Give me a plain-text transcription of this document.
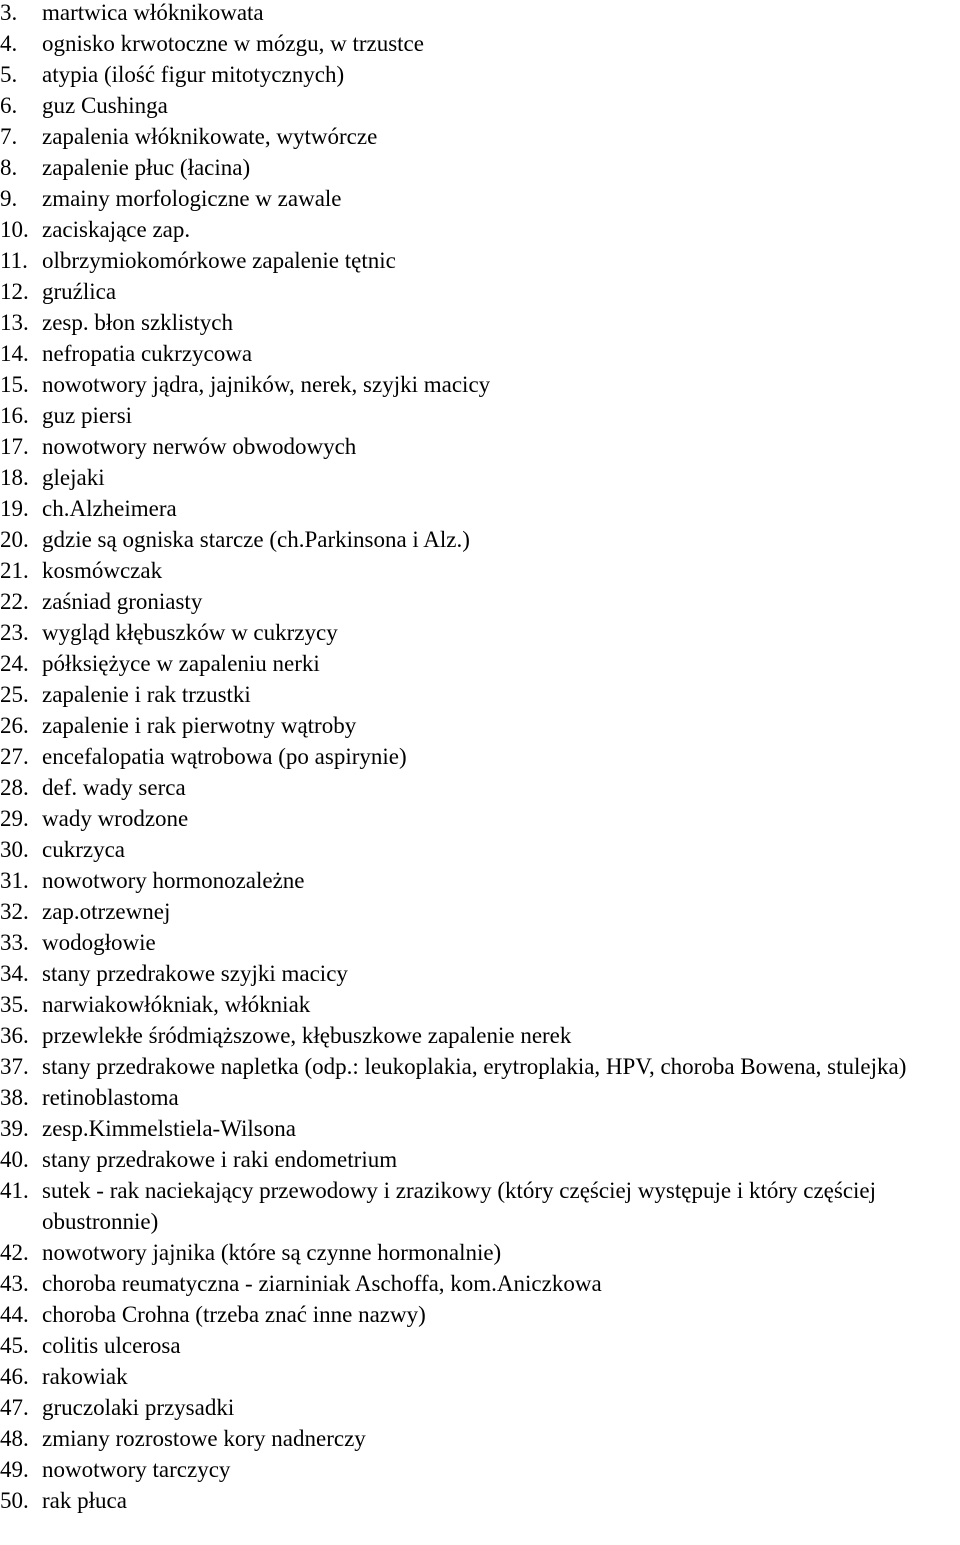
3.	martwica włóknikowata
4.	ognisko krwotoczne w mózgu, w trzustce
5.	atypia (ilość figur mitotycznych)
6.	guz Cushinga
7.	zapalenia włóknikowate, wytwórcze
8.	zapalenie płuc (łacina)
9.	zmainy morfologiczne w zawale
10. zaciskające zap.
11. olbrzymiokomórkowe zapalenie tętnic
12. gruźlica
13. zesp. błon szklistych
14. nefropatia cukrzycowa
15. nowotwory jądra, jajników, nerek, szyjki macicy
16. guz piersi
17. nowotwory nerwów obwodowych
18. glejaki
19. ch.Alzheimera
20. gdzie są ogniska starcze (ch.Parkinsona i Alz.)
21. kosmówczak
22. zaśniad groniasty
23. wygląd kłębuszków w cukrzycy
24. półksiężyce w zapaleniu nerki
25. zapalenie i rak trzustki
26. zapalenie i rak pierwotny wątroby
27. encefalopatia wątrobowa (po aspirynie)
28. def. wady serca
29. wady wrodzone
30. cukrzyca
31. nowotwory hormonozależne
32. zap.otrzewnej
33. wodogłowie
34. stany przedrakowe szyjki macicy
35. narwiakowłókniak, włókniak
36. przewlekłe śródmiąższowe, kłębuszkowe zapalenie nerek
37. stany przedrakowe napletka (odp.: leukoplakia, erytroplakia, HPV, choroba Bowena, stulejka)
38. retinoblastoma
39. zesp.Kimmelstiela-Wilsona
40. stany przedrakowe i raki endometrium
41. sutek - rak naciekający przewodowy i zrazikowy (który częściej występuje i który częściej obustronnie)
42. nowotwory jajnika (które są czynne hormonalnie)
43. choroba reumatyczna - ziarniniak Aschoffa, kom.Aniczkowa
44. choroba Crohna (trzeba znać inne nazwy)
45. colitis ulcerosa
46. rakowiak
47. gruczolaki przysadki
48. zmiany rozrostowe kory nadnerczy
49. nowotwory tarczycy
50. rak płuca
